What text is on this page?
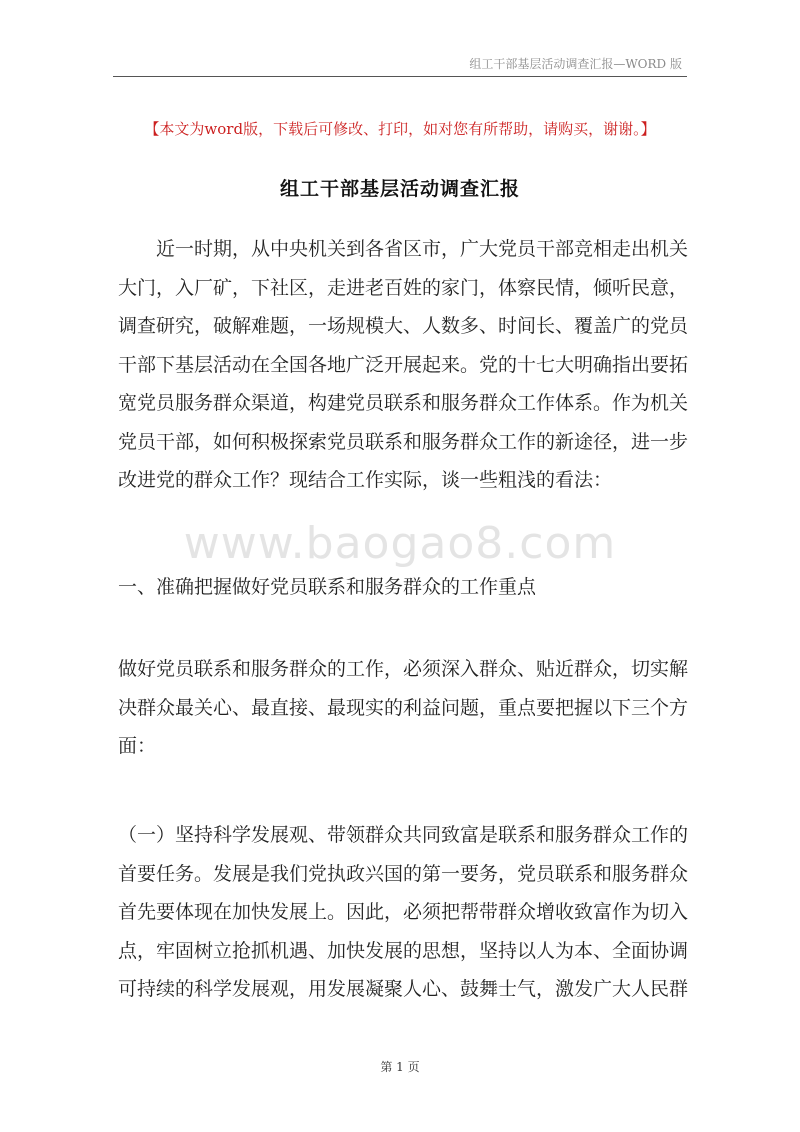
组工干部基层活动调查汇报—WORD 版
【本文为word版，下载后可修改、打印，如对您有所帮助，请购买，谢谢。】
组工干部基层活动调查汇报
近一时期，从中央机关到各省区市，广大党员干部竞相走出机关
大门，入厂矿，下社区，走进老百姓的家门，体察民情，倾听民意，
调查研究，破解难题，一场规模大、人数多、时间长、覆盖广的党员
干部下基层活动在全国各地广泛开展起来。党的十七大明确指出要拓
宽党员服务群众渠道，构建党员联系和服务群众工作体系。作为机关
党员干部，如何积极探索党员联系和服务群众工作的新途径，进一步
改进党的群众工作？现结合工作实际，谈一些粗浅的看法：
www.baogao8.com
一、准确把握做好党员联系和服务群众的工作重点
做好党员联系和服务群众的工作，必须深入群众、贴近群众，切实解
决群众最关心、最直接、最现实的利益问题，重点要把握以下三个方
面：
（一）坚持科学发展观、带领群众共同致富是联系和服务群众工作的
首要任务。发展是我们党执政兴国的第一要务，党员联系和服务群众
首先要体现在加快发展上。因此，必须把帮带群众增收致富作为切入
点，牢固树立抢抓机遇、加快发展的思想，坚持以人为本、全面协调
可持续的科学发展观，用发展凝聚人心、鼓舞士气，激发广大人民群
第 1 页
